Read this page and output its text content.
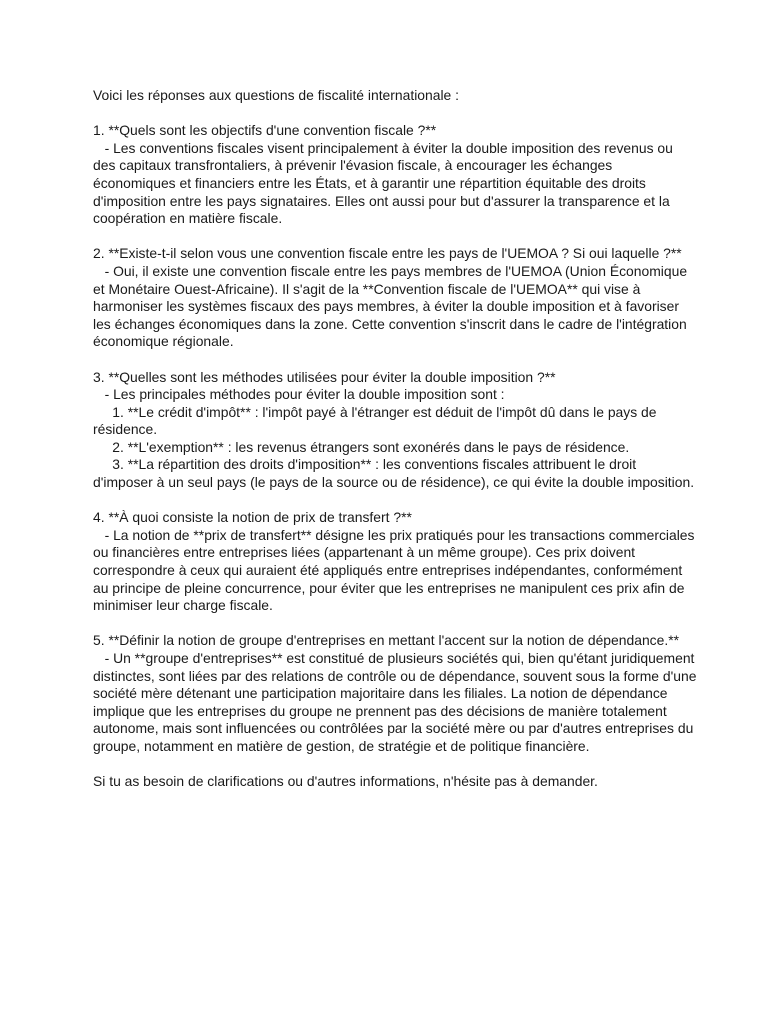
Voici les réponses aux questions de fiscalité internationale :

1. **Quels sont les objectifs d'une convention fiscale ?**
- Les conventions fiscales visent principalement à éviter la double imposition des revenus ou des capitaux transfrontaliers, à prévenir l'évasion fiscale, à encourager les échanges économiques et financiers entre les États, et à garantir une répartition équitable des droits d'imposition entre les pays signataires. Elles ont aussi pour but d'assurer la transparence et la coopération en matière fiscale.

2. **Existe-t-il selon vous une convention fiscale entre les pays de l'UEMOA ? Si oui laquelle ?**
- Oui, il existe une convention fiscale entre les pays membres de l'UEMOA (Union Économique et Monétaire Ouest-Africaine). Il s'agit de la **Convention fiscale de l'UEMOA** qui vise à harmoniser les systèmes fiscaux des pays membres, à éviter la double imposition et à favoriser les échanges économiques dans la zone. Cette convention s'inscrit dans le cadre de l'intégration économique régionale.

3. **Quelles sont les méthodes utilisées pour éviter la double imposition ?**
- Les principales méthodes pour éviter la double imposition sont :
1. **Le crédit d'impôt** : l'impôt payé à l'étranger est déduit de l'impôt dû dans le pays de résidence.
2. **L'exemption** : les revenus étrangers sont exonérés dans le pays de résidence.
3. **La répartition des droits d'imposition** : les conventions fiscales attribuent le droit d'imposer à un seul pays (le pays de la source ou de résidence), ce qui évite la double imposition.

4. **À quoi consiste la notion de prix de transfert ?**
- La notion de **prix de transfert** désigne les prix pratiqués pour les transactions commerciales ou financières entre entreprises liées (appartenant à un même groupe). Ces prix doivent correspondre à ceux qui auraient été appliqués entre entreprises indépendantes, conformément au principe de pleine concurrence, pour éviter que les entreprises ne manipulent ces prix afin de minimiser leur charge fiscale.

5. **Définir la notion de groupe d'entreprises en mettant l'accent sur la notion de dépendance.**
- Un **groupe d'entreprises** est constitué de plusieurs sociétés qui, bien qu'étant juridiquement distinctes, sont liées par des relations de contrôle ou de dépendance, souvent sous la forme d'une société mère détenant une participation majoritaire dans les filiales. La notion de dépendance implique que les entreprises du groupe ne prennent pas des décisions de manière totalement autonome, mais sont influencées ou contrôlées par la société mère ou par d'autres entreprises du groupe, notamment en matière de gestion, de stratégie et de politique financière.

Si tu as besoin de clarifications ou d'autres informations, n'hésite pas à demander.
